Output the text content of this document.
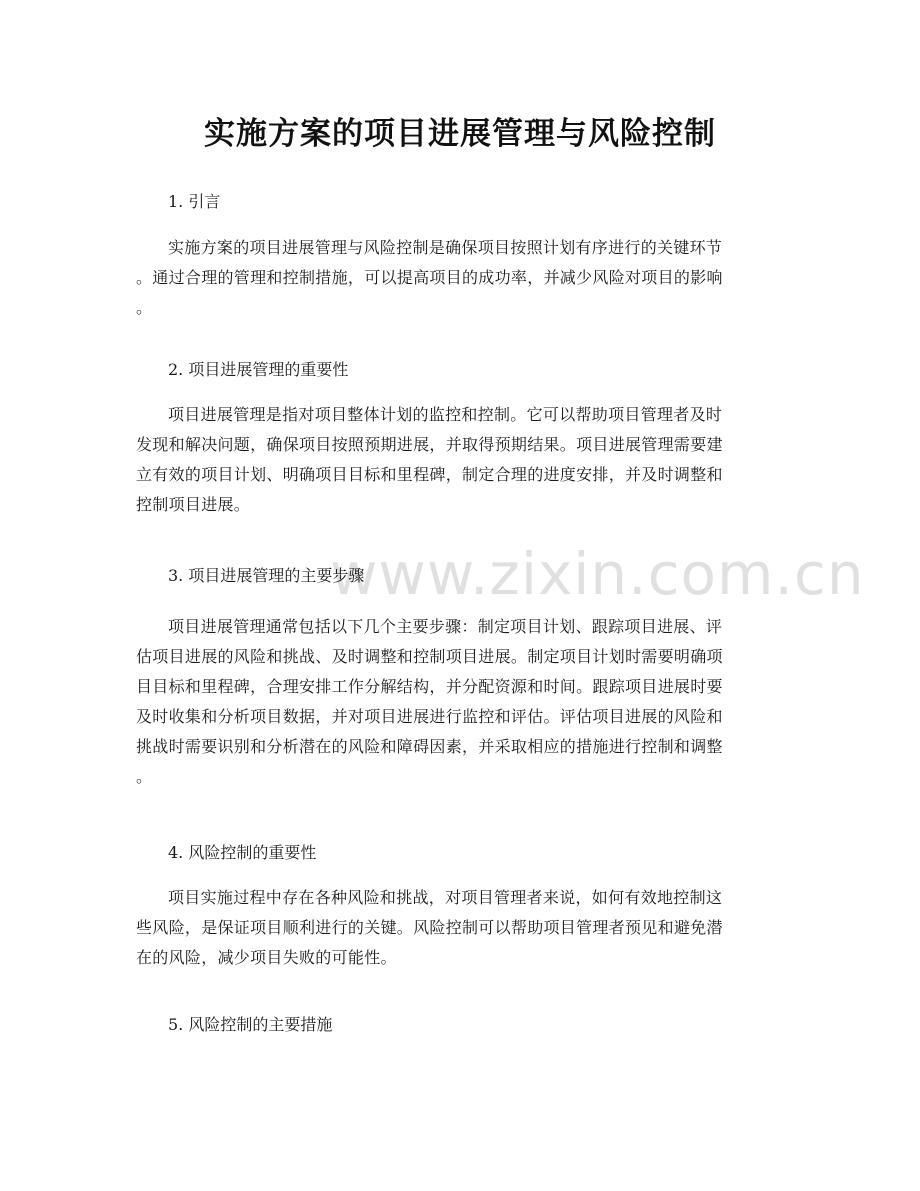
www.zixin.com.cn
实施方案的项目进展管理与风险控制
1. 引言
实施方案的项目进展管理与风险控制是确保项目按照计划有序进行的关键环节
。通过合理的管理和控制措施，可以提高项目的成功率，并减少风险对项目的影响
。
2. 项目进展管理的重要性
项目进展管理是指对项目整体计划的监控和控制。它可以帮助项目管理者及时
发现和解决问题，确保项目按照预期进展，并取得预期结果。项目进展管理需要建
立有效的项目计划、明确项目目标和里程碑，制定合理的进度安排，并及时调整和
控制项目进展。
3. 项目进展管理的主要步骤
项目进展管理通常包括以下几个主要步骤：制定项目计划、跟踪项目进展、评
估项目进展的风险和挑战、及时调整和控制项目进展。制定项目计划时需要明确项
目目标和里程碑，合理安排工作分解结构，并分配资源和时间。跟踪项目进展时要
及时收集和分析项目数据，并对项目进展进行监控和评估。评估项目进展的风险和
挑战时需要识别和分析潜在的风险和障碍因素，并采取相应的措施进行控制和调整
。
4. 风险控制的重要性
项目实施过程中存在各种风险和挑战，对项目管理者来说，如何有效地控制这
些风险，是保证项目顺利进行的关键。风险控制可以帮助项目管理者预见和避免潜
在的风险，减少项目失败的可能性。
5. 风险控制的主要措施
